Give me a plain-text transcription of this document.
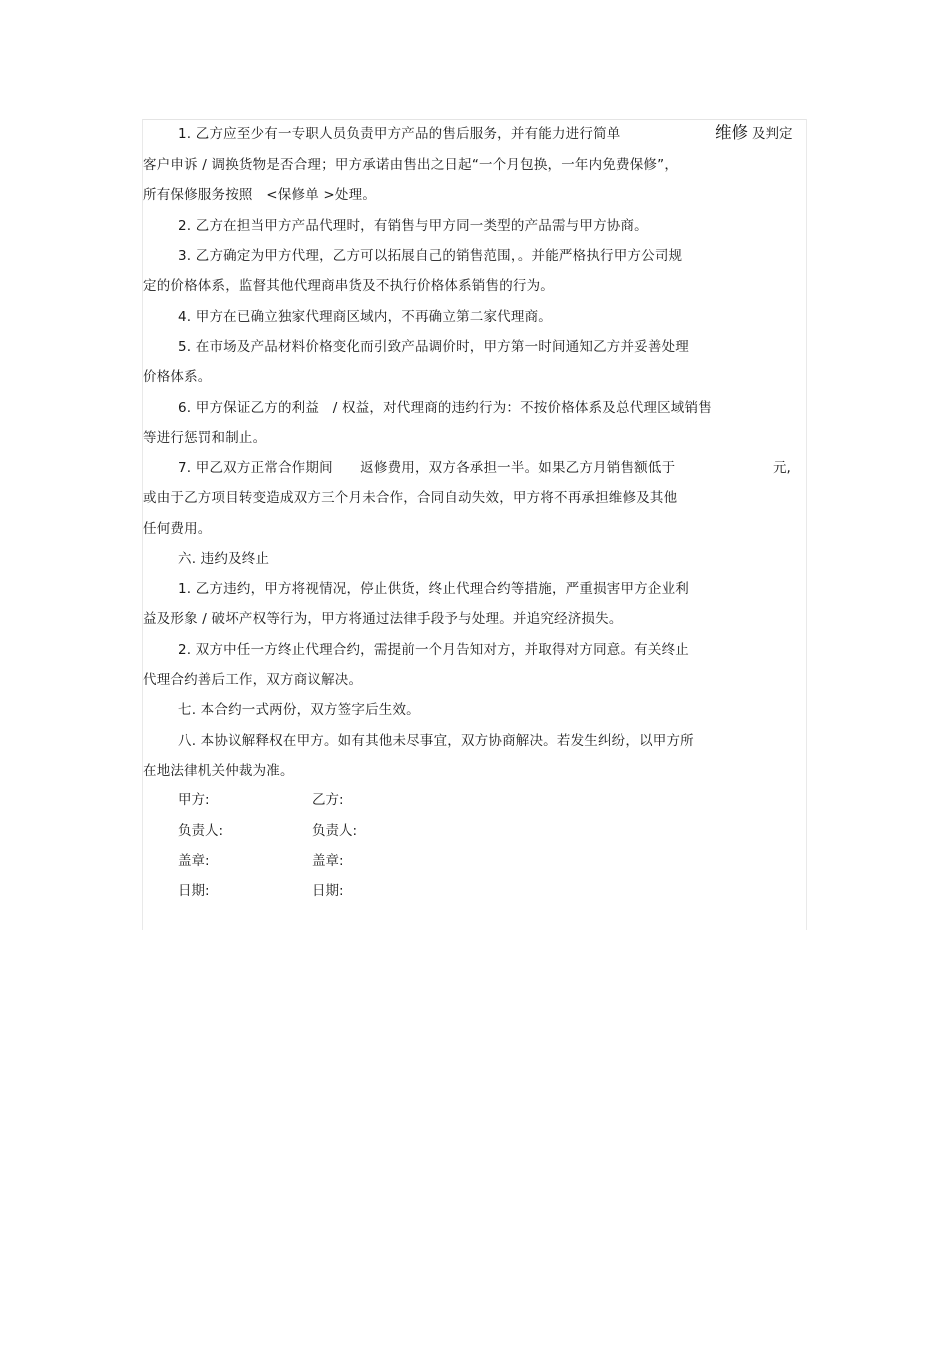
1. 乙方应至少有一专职人员负责甲方产品的售后服务，并有能力进行简单	维修 及判定
客户申诉 / 调换货物是否合理；甲方承诺由售出之日起“一个月包换，一年内免费保修”，
所有保修服务按照　<保修单 >处理。
2. 乙方在担当甲方产品代理时，有销售与甲方同一类型的产品需与甲方协商。
3. 乙方确定为甲方代理，乙方可以拓展自己的销售范围，。并能严格执行甲方公司规
定的价格体系，监督其他代理商串货及不执行价格体系销售的行为。
4. 甲方在已确立独家代理商区域内，不再确立第二家代理商。
5. 在市场及产品材料价格变化而引致产品调价时，甲方第一时间通知乙方并妥善处理
价格体系。
6. 甲方保证乙方的利益　/ 权益，对代理商的违约行为：不按价格体系及总代理区域销售
等进行惩罚和制止。
7. 甲乙双方正常合作期间　　返修费用，双方各承担一半。如果乙方月销售额低于	元,
或由于乙方项目转变造成双方三个月未合作，合同自动失效，甲方将不再承担维修及其他
任何费用。
六. 违约及终止
1. 乙方违约，甲方将视情况，停止供货，终止代理合约等措施，严重损害甲方企业利
益及形象 / 破坏产权等行为，甲方将通过法律手段予与处理。并追究经济损失。
2. 双方中任一方终止代理合约，需提前一个月告知对方，并取得对方同意。有关终止
代理合约善后工作，双方商议解决。
七. 本合约一式两份，双方签字后生效。
八. 本协议解释权在甲方。如有其他未尽事宜，双方协商解决。若发生纠纷，以甲方所
在地法律机关仲裁为准。
甲方:	乙方:
负责人:	负责人:
盖章:	盖章:
日期:	日期:
